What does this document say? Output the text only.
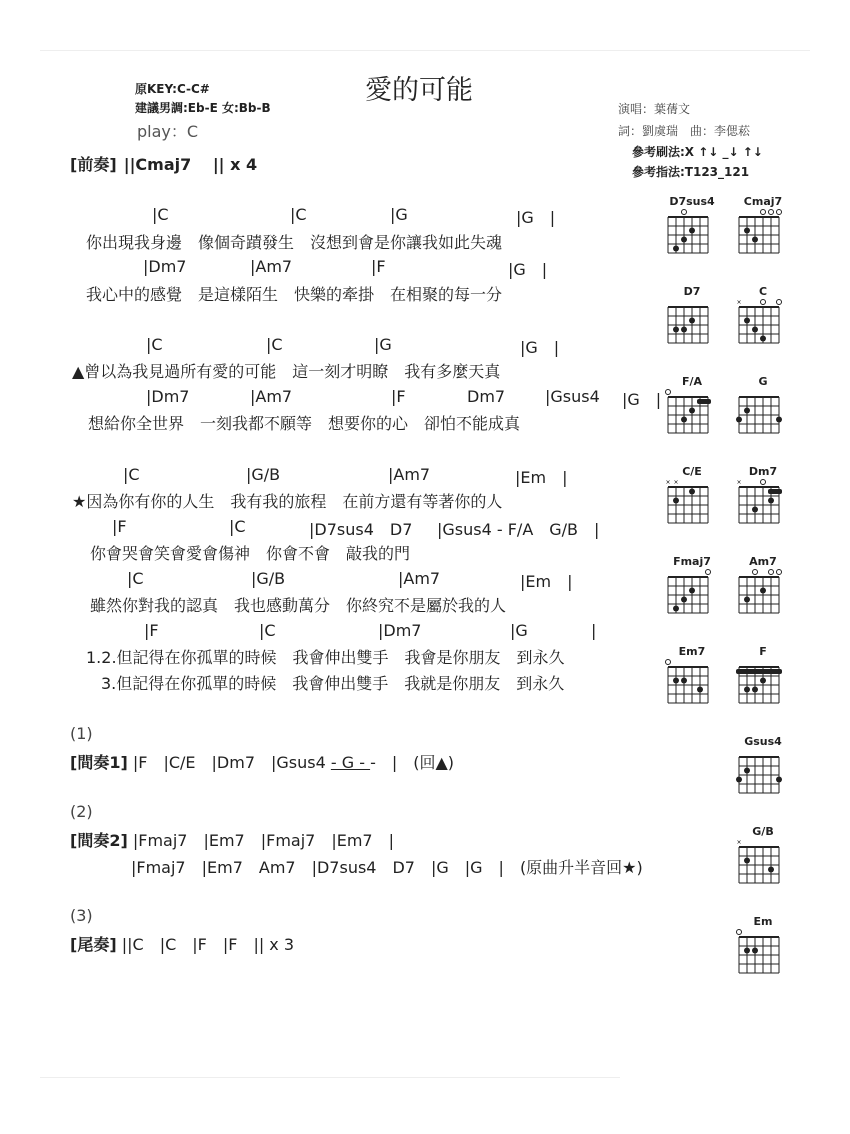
原KEY:C-C#
建議男調:Eb-E 女:Bb-B
play：C
愛的可能
演唱：葉蒨文
詞：劉虞瑞　曲：李偲菘
參考刷法:X ↑↓ _↓ ↑↓
參考指法:T123_121
[前奏] ||Cmaj7　 || x 4
|C	|C	|G	|G　|
你出現我身邊　像個奇蹟發生　沒想到會是你讓我如此失魂
|Dm7	|Am7	|F	|G　|
我心中的感覺　是這樣陌生　快樂的牽掛　在相聚的每一分
|C	|C	|G	|G　|
▲曾以為我見過所有愛的可能　這一刻才明瞭　我有多麼天真
|Dm7	|Am7	|F	Dm7 |Gsus4 |G　|
想給你全世界　一刻我都不願等　想要你的心　卻怕不能成真
|C	|G/B	|Am7	|Em　|
★因為你有你的人生　我有我的旅程　在前方還有等著你的人
|F	|C	|D7sus4　D7 |Gsus4 - F/A　G/B　|
你會哭會笑會愛會傷神　你會不會　敲我的門
|C	|G/B	|Am7	|Em　|
雖然你對我的認真　我也感動萬分　你終究不是屬於我的人
|F	|C	|Dm7	|G	|
1.2.但記得在你孤單的時候　我會伸出雙手　我會是你朋友　到永久
3.但記得在你孤單的時候　我會伸出雙手　我就是你朋友　到永久
(1)
[間奏1] |F　|C/E　|Dm7　|Gsus4 - G - -　|　(回▲)
(2)
[間奏2] |Fmaj7　|Em7　|Fmaj7　|Em7　|
|Fmaj7　|Em7　Am7　|D7sus4　D7　|G　|G　|　(原曲升半音回★)
(3)
[尾奏] ||C　|C　|F　|F　|| x 3
D7sus4	Cmaj7
D7	C
×
F/A	G
C/E
× ×
Dm7
×
Fmaj7	Am7
Em7	F
Gsus4
G/B
×
Em
